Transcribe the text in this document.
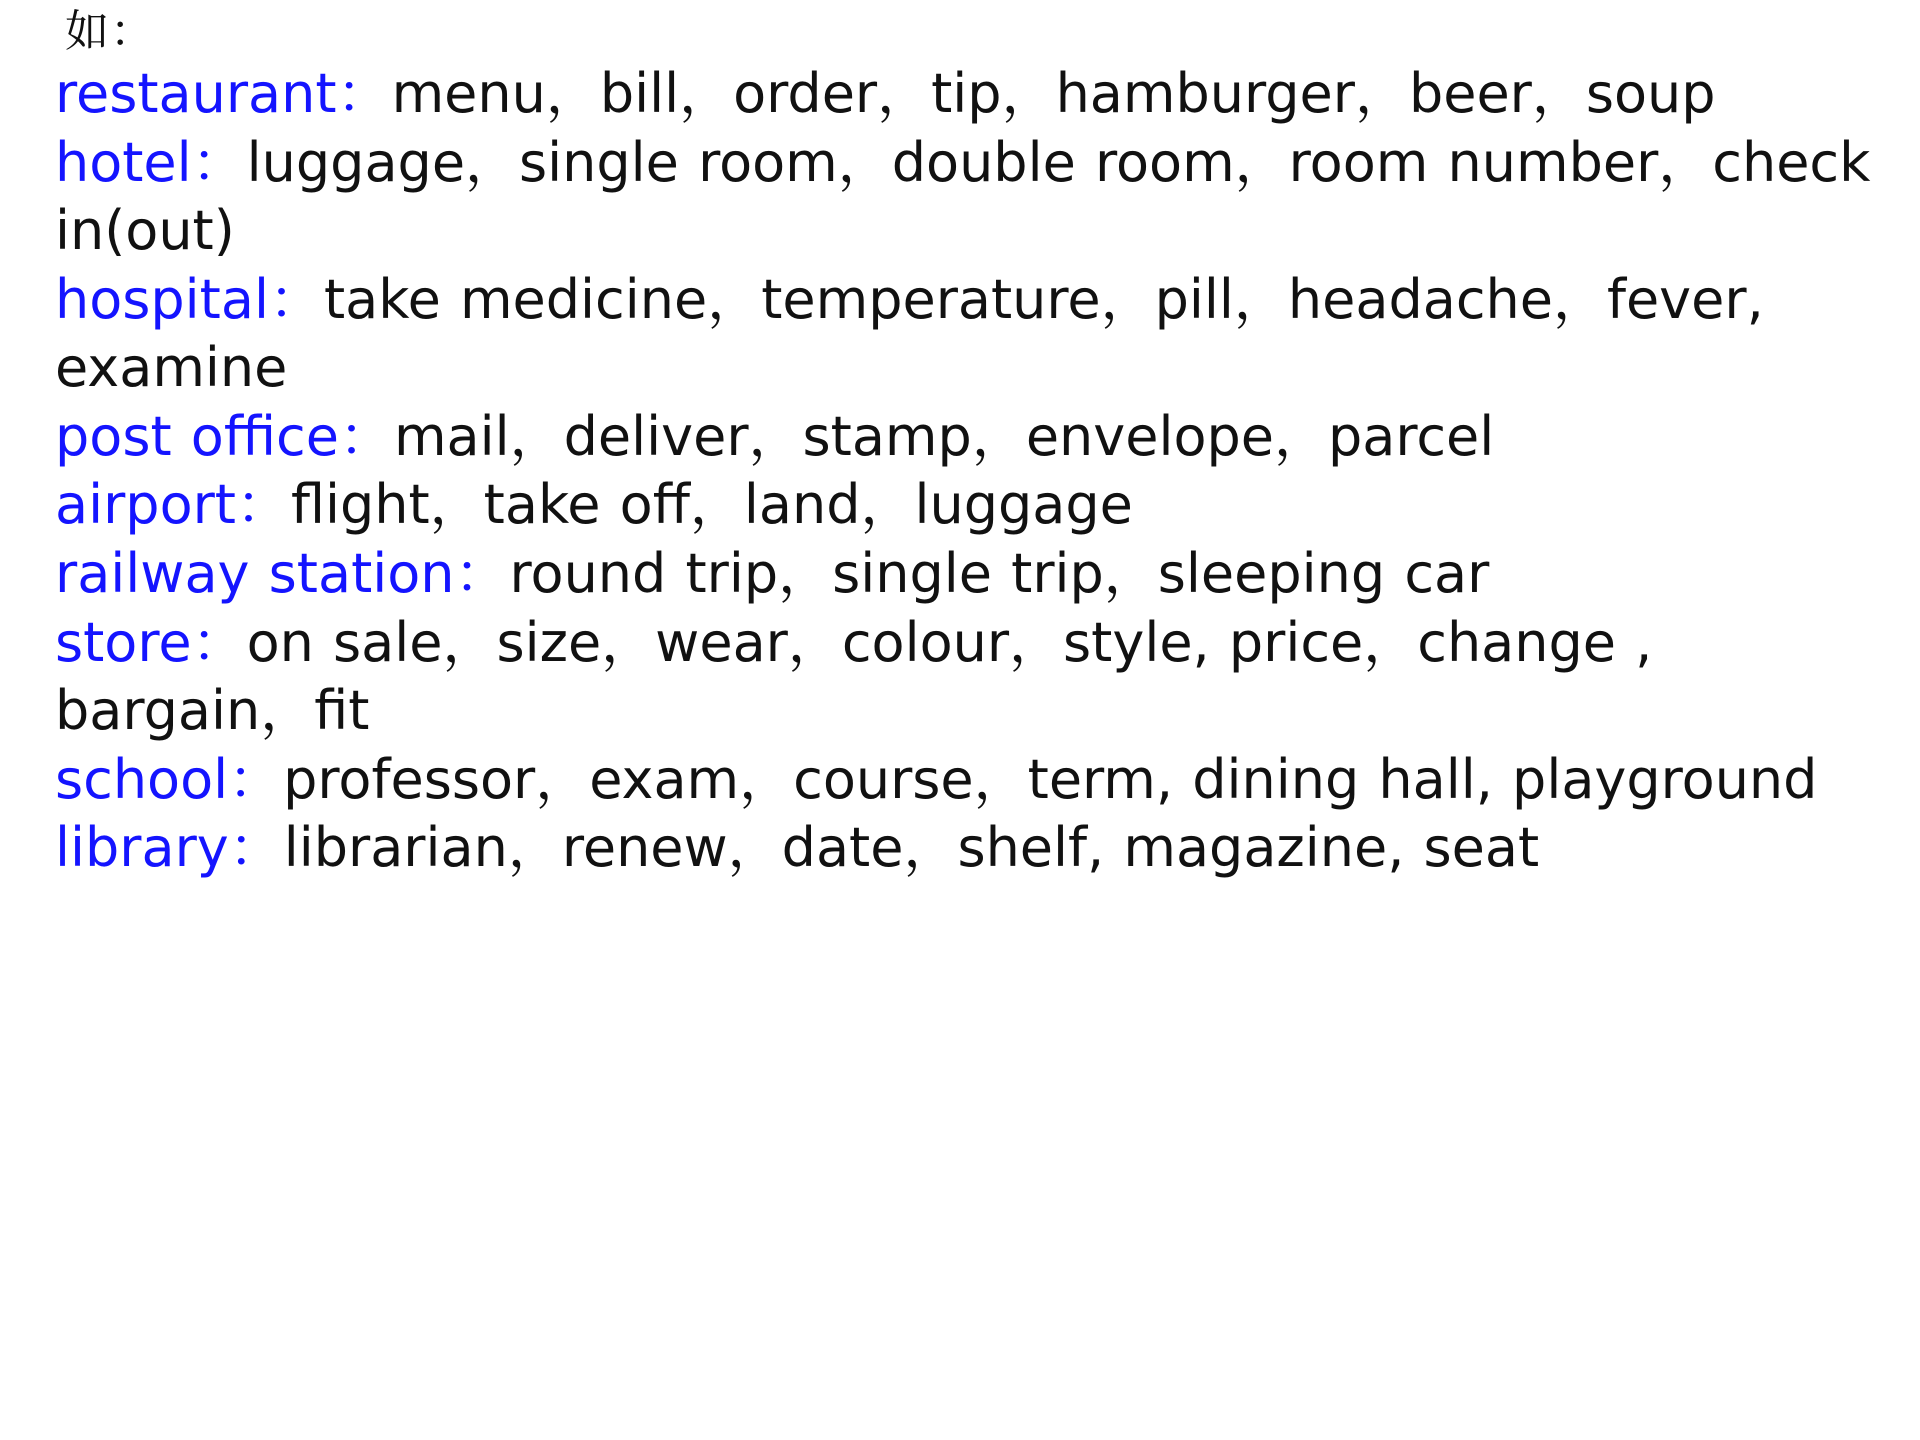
如：

restaurant：menu，bill，order，tip，hamburger，beer，soup

hotel：luggage，single room，double room，room number，check in(out)

hospital：take medicine，temperature，pill，headache，fever, examine

post office：mail，deliver，stamp，envelope，parcel

airport：flight，take off，land，luggage

railway station：round trip，single trip，sleeping car

store：on sale，size，wear，colour，style, price，change , bargain，fit

school：professor，exam，course，term, dining hall, playground

library：librarian，renew，date，shelf, magazine, seat
